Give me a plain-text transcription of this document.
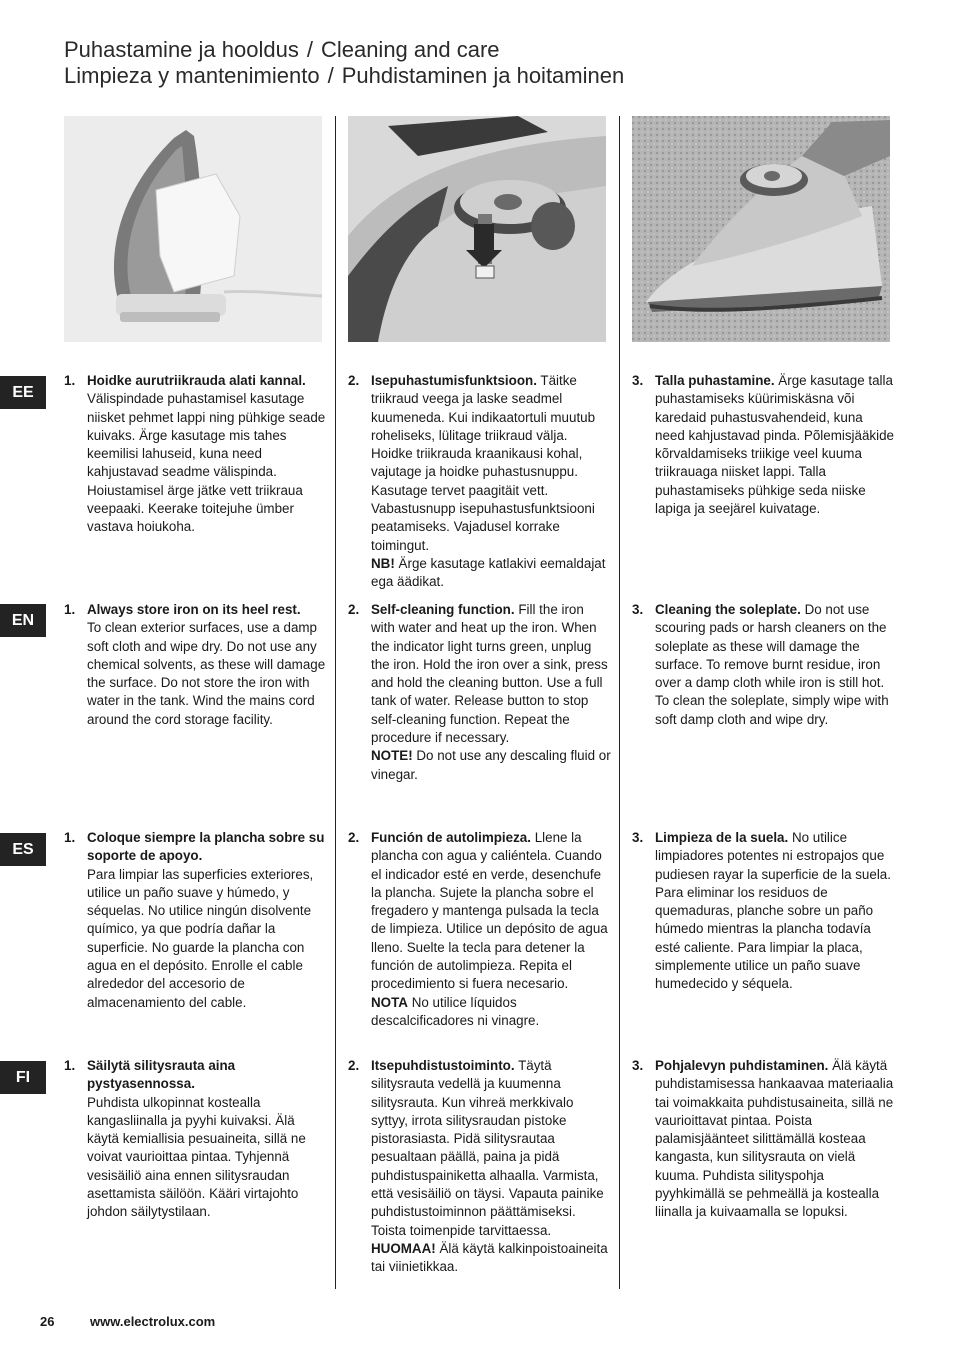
Puhastamine ja hooldus / Cleaning and care
Limpieza y mantenimiento / Puhdistaminen ja hoitaminen
EE
EN
ES
FI
1. Hoidke aurutriikrauda alati kannal.
Välispindade puhastamisel kasutage niisket pehmet lappi ning pühkige seade kuivaks. Ärge kasutage mis tahes keemilisi lahuseid, kuna need kahjustavad seadme välispinda. Hoiustamisel ärge jätke vett triikraua veepaaki. Keerake toitejuhe ümber vastava hoiukoha.
2. Isepuhastumisfunktsioon. Täitke triikraud veega ja laske seadmel kuumeneda. Kui indikaatortuli muutub roheliseks, lülitage triikraud välja. Hoidke triikrauda kraanikausi kohal, vajutage ja hoidke puhastusnuppu. Kasutage tervet paagitäit vett. Vabastusnupp isepuhastusfunktsiooni peatamiseks. Vajadusel korrake toimingut.
NB! Ärge kasutage katlakivi eemaldajat ega äädikat.
3. Talla puhastamine. Ärge kasutage talla puhastamiseks küürimiskäsna või karedaid puhastusvahendeid, kuna need kahjustavad pinda. Põlemisjääkide kõrvaldamiseks triikige veel kuuma triikrauaga niisket lappi. Talla puhastamiseks pühkige seda niiske lapiga ja seejärel kuivatage.
1. Always store iron on its heel rest.
To clean exterior surfaces, use a damp soft cloth and wipe dry. Do not use any chemical solvents, as these will damage the surface. Do not store the iron with water in the tank. Wind the mains cord around the cord storage facility.
2. Self-cleaning function. Fill the iron with water and heat up the iron. When the indicator light turns green, unplug the iron. Hold the iron over a sink, press and hold the cleaning button. Use a full tank of water. Release button to stop self-cleaning function. Repeat the procedure if necessary.
NOTE! Do not use any descaling fluid or vinegar.
3. Cleaning the soleplate. Do not use scouring pads or harsh cleaners on the soleplate as these will damage the surface. To remove burnt residue, iron over a damp cloth while iron is still hot. To clean the soleplate, simply wipe with soft damp cloth and wipe dry.
1. Coloque siempre la plancha sobre su soporte de apoyo.
Para limpiar las superficies exteriores, utilice un paño suave y húmedo, y séquelas. No utilice ningún disolvente químico, ya que podría dañar la superficie. No guarde la plancha con agua en el depósito. Enrolle el cable alrededor del accesorio de almacenamiento del cable.
2. Función de autolimpieza. Llene la plancha con agua y caliéntela. Cuando el indicador esté en verde, desenchufe la plancha. Sujete la plancha sobre el fregadero y mantenga pulsada la tecla de limpieza. Utilice un depósito de agua lleno. Suelte la tecla para detener la función de autolimpieza. Repita el procedimiento si fuera necesario.
NOTA No utilice líquidos descalcificadores ni vinagre.
3. Limpieza de la suela. No utilice limpiadores potentes ni estropajos que pudiesen rayar la superficie de la suela. Para eliminar los residuos de quemaduras, planche sobre un paño húmedo mientras la plancha todavía esté caliente. Para limpiar la placa, simplemente utilice un paño suave humedecido y séquela.
1. Säilytä silitysrauta aina pystyasennossa.
Puhdista ulkopinnat kostealla kangasliinalla ja pyyhi kuivaksi. Älä käytä kemiallisia pesuaineita, sillä ne voivat vaurioittaa pintaa. Tyhjennä vesisäiliö aina ennen silitysraudan asettamista säilöön. Kääri virtajohto johdon säilytystilaan.
2. Itsepuhdistustoiminto. Täytä silitysrauta vedellä ja kuumenna silitysrauta. Kun vihreä merkkivalo syttyy, irrota silitysraudan pistoke pistorasiasta. Pidä silitysrautaa pesualtaan päällä, paina ja pidä puhdistuspainiketta alhaalla. Varmista, että vesisäiliö on täysi. Vapauta painike puhdistustoiminnon päättämiseksi. Toista toimenpide tarvittaessa.
HUOMAA! Älä käytä kalkinpoistoaineita tai viinietikkaa.
3. Pohjalevyn puhdistaminen. Älä käytä puhdistamisessa hankaavaa materiaalia tai voimakkaita puhdistusaineita, sillä ne vaurioittavat pintaa. Poista palamisjäänteet silittämällä kosteaa kangasta, kun silitysrauta on vielä kuuma. Puhdista silityspohja pyyhkimällä se pehmeällä ja kostealla liinalla ja kuivaamalla se lopuksi.
26	www.electrolux.com
